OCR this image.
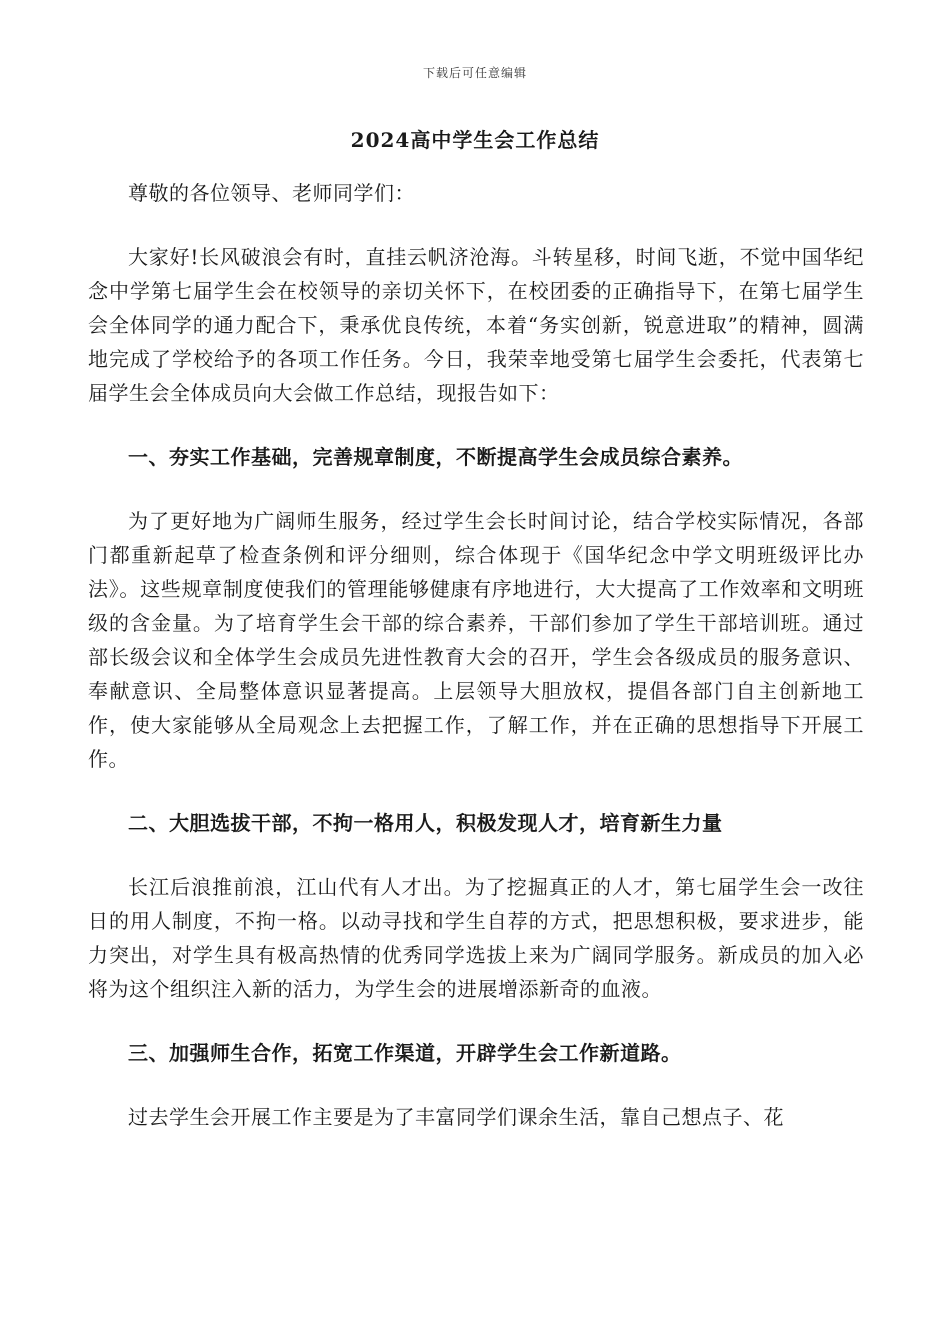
下载后可任意编辑
2024高中学生会工作总结

尊敬的各位领导、老师同学们：

大家好!长风破浪会有时，直挂云帆济沧海。斗转星移，时间飞逝，不觉中国华纪念中学第七届学生会在校领导的亲切关怀下，在校团委的正确指导下，在第七届学生会全体同学的通力配合下，秉承优良传统，本着“务实创新，锐意进取”的精神，圆满地完成了学校给予的各项工作任务。今日，我荣幸地受第七届学生会委托，代表第七届学生会全体成员向大会做工作总结，现报告如下：

一、夯实工作基础，完善规章制度，不断提高学生会成员综合素养。

为了更好地为广阔师生服务，经过学生会长时间讨论，结合学校实际情况，各部门都重新起草了检查条例和评分细则，综合体现于《国华纪念中学文明班级评比办法》。这些规章制度使我们的管理能够健康有序地进行，大大提高了工作效率和文明班级的含金量。为了培育学生会干部的综合素养，干部们参加了学生干部培训班。通过部长级会议和全体学生会成员先进性教育大会的召开，学生会各级成员的服务意识、奉献意识、全局整体意识显著提高。上层领导大胆放权，提倡各部门自主创新地工作，使大家能够从全局观念上去把握工作，了解工作，并在正确的思想指导下开展工作。

二、大胆选拔干部，不拘一格用人，积极发现人才，培育新生力量

长江后浪推前浪，江山代有人才出。为了挖掘真正的人才，第七届学生会一改往日的用人制度，不拘一格。以动寻找和学生自荐的方式，把思想积极，要求进步，能力突出，对学生具有极高热情的优秀同学选拔上来为广阔同学服务。新成员的加入必将为这个组织注入新的活力，为学生会的进展增添新奇的血液。

三、加强师生合作，拓宽工作渠道，开辟学生会工作新道路。

过去学生会开展工作主要是为了丰富同学们课余生活，靠自己想点子、花
